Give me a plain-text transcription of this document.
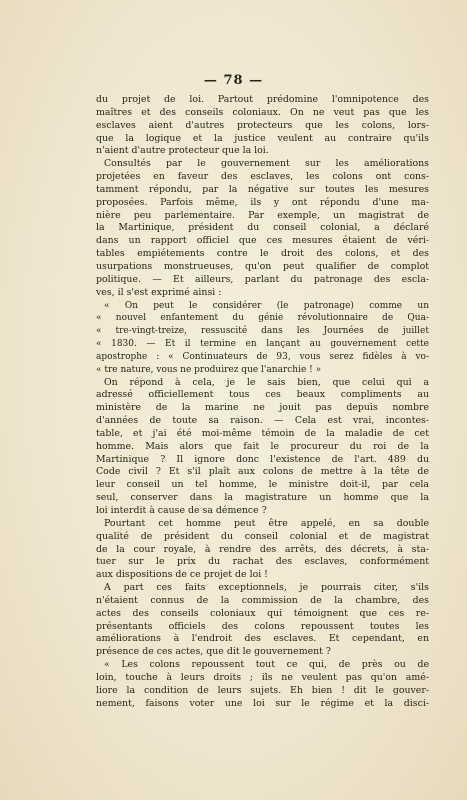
— 78 —
du projet de loi. Partout prédomine l'omnipotence des
maîtres et des conseils coloniaux. On ne veut pas que les
esclaves aient d'autres protecteurs que les colons, lors-
que la logique et la justice veulent au contraire qu'ils
n'aient d'autre protecteur que la loi.
Consultés par le gouvernement sur les améliorations
projetées en faveur des esclaves, les colons ont cons-
tamment répondu, par la négative sur toutes les mesures
proposées. Parfois même, ils y ont répondu d'une ma-
nière peu parlementaire. Par exemple, un magistrat de
la Martinique, président du conseil colonial, a déclaré
dans un rapport officiel que ces mesures étaient de véri-
tables empiétements contre le droit des colons, et des
usurpations monstrueuses, qu'on peut qualifier de complot
politique. — Et ailleurs, parlant du patronage des escla-
ves, il s'est exprimé ainsi :
« On peut le considérer (le patronage) comme un
« nouvel enfantement du génie révolutionnaire de Qua-
« tre-vingt-treize, ressuscité dans les Journées de juillet
« 1830. — Et il termine en lançant au gouvernement cette
apostrophe : « Continuateurs de 93, vous serez fidèles à vo-
« tre nature, vous ne produirez que l'anarchie ! »
On répond à cela, je le sais bien, que celui qui a
adressé officiellement tous ces beaux compliments au
ministère de la marine ne jouit pas depuis nombre
d'années de toute sa raison. — Cela est vrai, incontes-
table, et j'ai été moi-même témoin de la maladie de cet
homme. Mais alors que fait le procureur du roi de la
Martinique ? Il ignore donc l'existence de l'art. 489 du
Code civil ? Et s'il plaît aux colons de mettre à la tête de
leur conseil un tel homme, le ministre doit-il, par cela
seul, conserver dans la magistrature un homme que la
loi interdit à cause de sa démence ?
Pourtant cet homme peut être appelé, en sa double
qualité de président du conseil colonial et de magistrat
de la cour royale, à rendre des arrêts, des décrets, à sta-
tuer sur le prix du rachat des esclaves, conformément
aux dispositions de ce projet de loi !
A part ces faits exceptionnels, je pourrais citer, s'ils
n'étaient connus de la commission de la chambre, des
actes des conseils coloniaux qui témoignent que ces re-
présentants officiels des colons repoussent toutes les
améliorations à l'endroit des esclaves. Et cependant, en
présence de ces actes, que dit le gouvernement ?
« Les colons repoussent tout ce qui, de près ou de
loin, touche à leurs droits ; ils ne veulent pas qu'on amé-
liore la condition de leurs sujets. Eh bien ! dit le gouver-
nement, faisons voter une loi sur le régime et la disci-
